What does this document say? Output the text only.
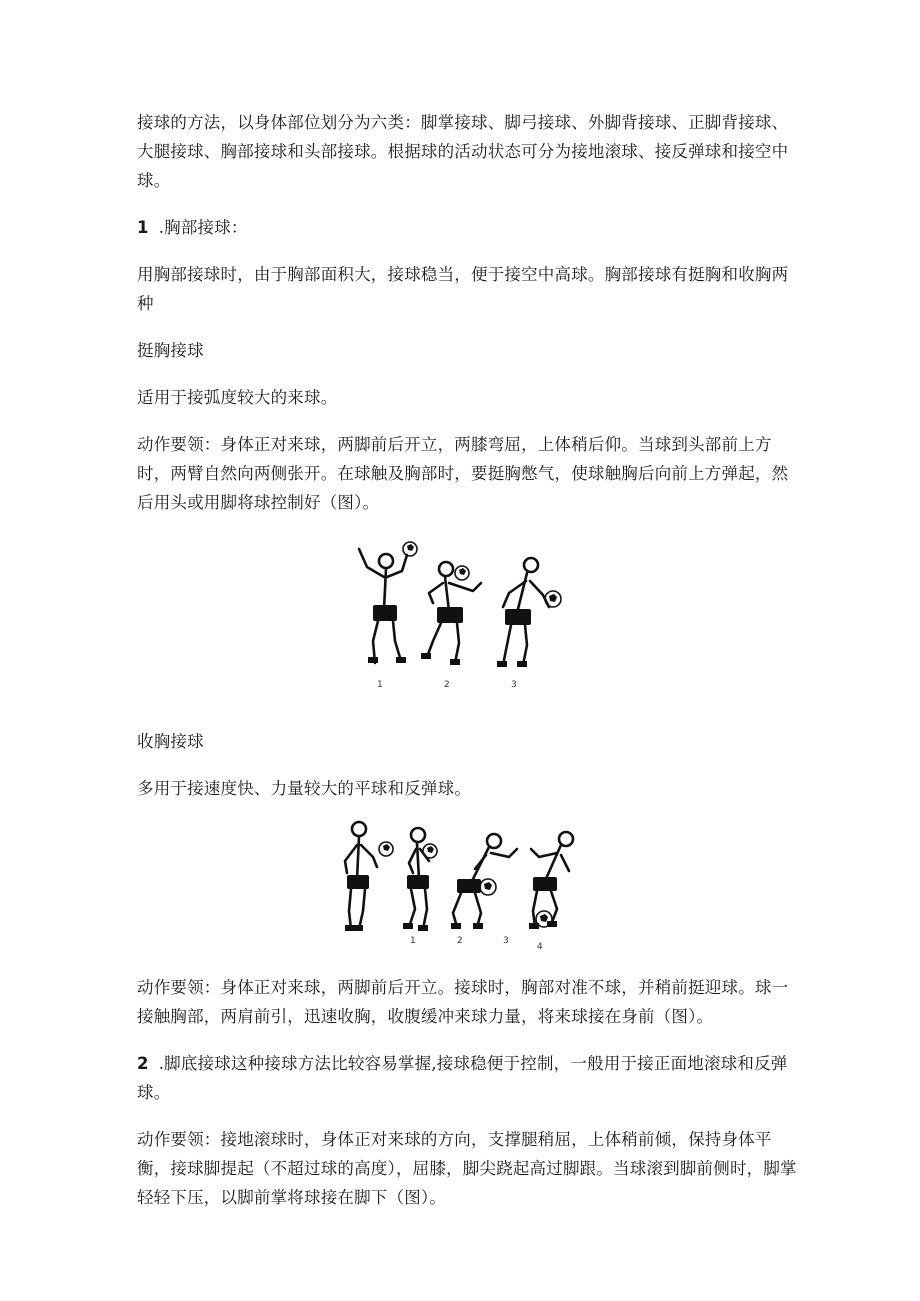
接球的方法，以身体部位划分为六类：脚掌接球、脚弓接球、外脚背接球、正脚背接球、大腿接球、胸部接球和头部接球。根据球的活动状态可分为接地滚球、接反弹球和接空中球。

1 .胸部接球：

用胸部接球时，由于胸部面积大，接球稳当，便于接空中高球。胸部接球有挺胸和收胸两种

挺胸接球

适用于接弧度较大的来球。

动作要领：身体正对来球，两脚前后开立，两膝弯屈，上体稍后仰。当球到头部前上方时，两臂自然向两侧张开。在球触及胸部时，要挺胸憋气，使球触胸后向前上方弹起，然后用头或用脚将球控制好（图）。

1	2	3

收胸接球

多用于接速度快、力量较大的平球和反弹球。

1	2	3
4

动作要领：身体正对来球，两脚前后开立。接球时，胸部对准不球，并稍前挺迎球。球一接触胸部，两肩前引，迅速收胸，收腹缓冲来球力量，将来球接在身前（图）。

2 .脚底接球这种接球方法比较容易掌握,接球稳便于控制，一般用于接正面地滚球和反弹球。

动作要领：接地滚球时，身体正对来球的方向，支撑腿稍屈，上体稍前倾，保持身体平衡，接球脚提起（不超过球的高度），屈膝，脚尖跷起高过脚跟。当球滚到脚前侧时，脚掌轻轻下压，以脚前掌将球接在脚下（图）。
